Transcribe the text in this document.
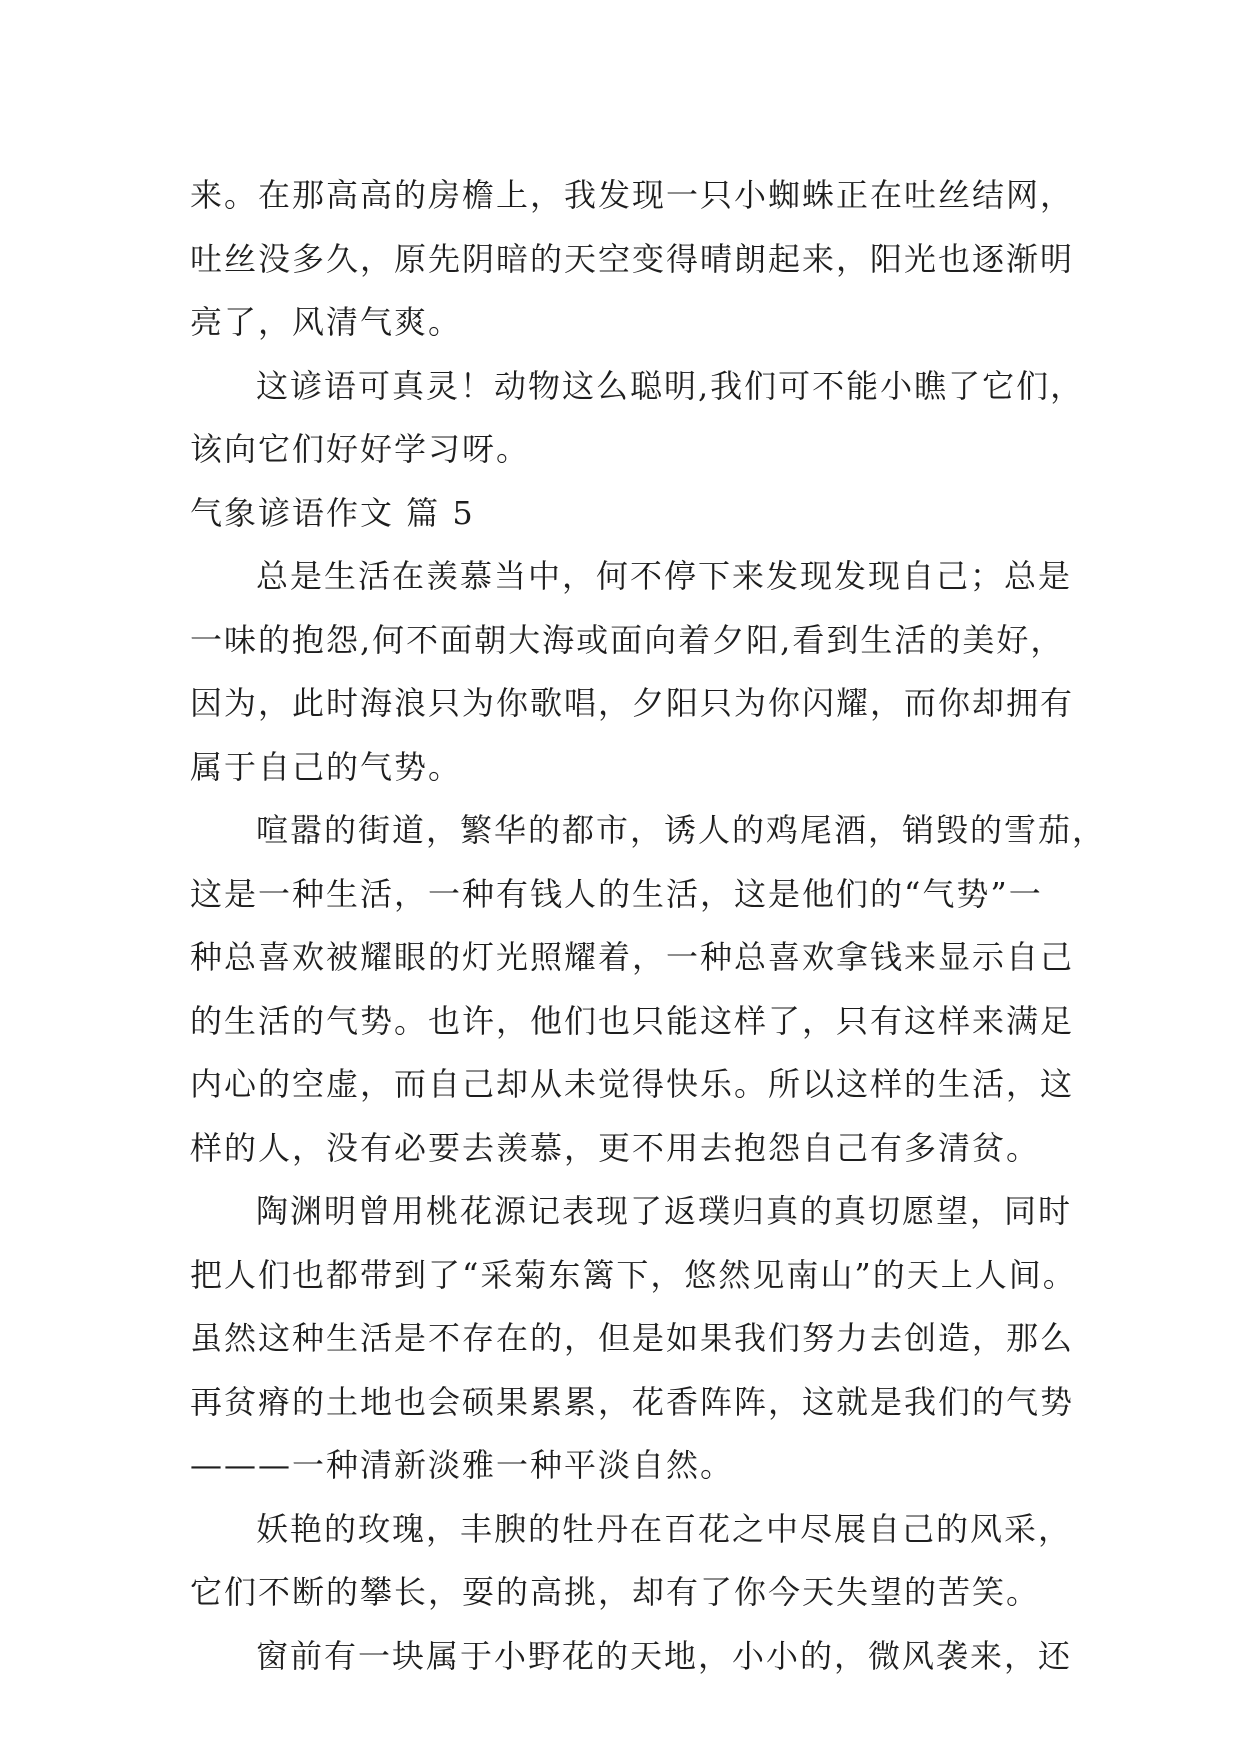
来。在那高高的房檐上，我发现一只小蜘蛛正在吐丝结网，
吐丝没多久，原先阴暗的天空变得晴朗起来，阳光也逐渐明
亮了，风清气爽。
这谚语可真灵！动物这么聪明,我们可不能小瞧了它们，
该向它们好好学习呀。
气象谚语作文 篇 5
总是生活在羡慕当中，何不停下来发现发现自己；总是
一味的抱怨,何不面朝大海或面向着夕阳,看到生活的美好，
因为，此时海浪只为你歌唱，夕阳只为你闪耀，而你却拥有
属于自己的气势。
喧嚣的街道，繁华的都市，诱人的鸡尾酒，销毁的雪茄，
这是一种生活，一种有钱人的生活，这是他们的“气势”一
种总喜欢被耀眼的灯光照耀着，一种总喜欢拿钱来显示自己
的生活的气势。也许，他们也只能这样了，只有这样来满足
内心的空虚，而自己却从未觉得快乐。所以这样的生活，这
样的人，没有必要去羡慕，更不用去抱怨自己有多清贫。
陶渊明曾用桃花源记表现了返璞归真的真切愿望，同时
把人们也都带到了“采菊东篱下，悠然见南山”的天上人间。
虽然这种生活是不存在的，但是如果我们努力去创造，那么
再贫瘠的土地也会硕果累累，花香阵阵，这就是我们的气势
———一种清新淡雅一种平淡自然。
妖艳的玫瑰，丰腴的牡丹在百花之中尽展自己的风采，
它们不断的攀长，耍的高挑，却有了你今天失望的苦笑。
窗前有一块属于小野花的天地，小小的，微风袭来，还
